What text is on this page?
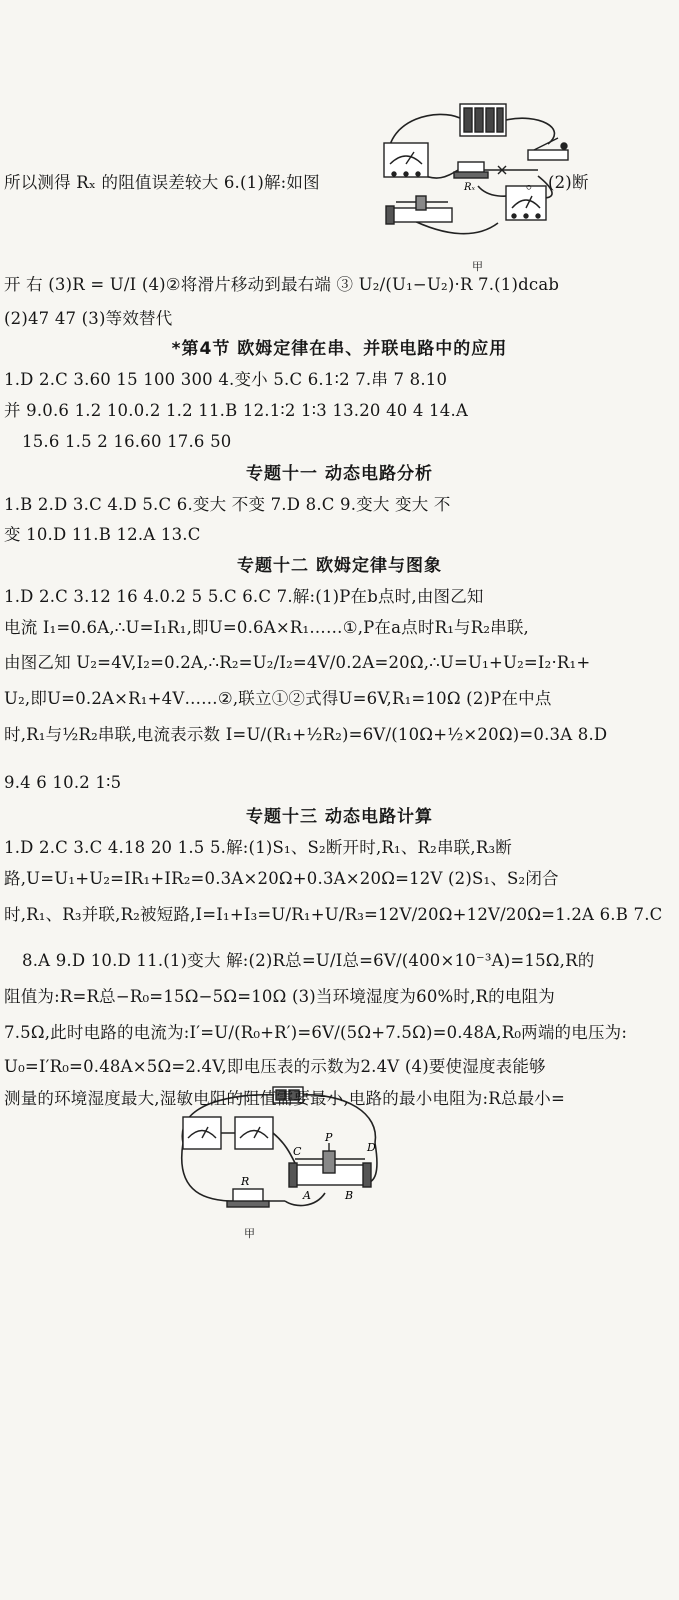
Rₓ
甲
C
P
D
A	B
R
甲
所以测得 Rₓ 的阻值误差较大 6.(1)解:如图	。 (2)断
开 右 (3)R = U/I (4)②将滑片移动到最右端 ③ U₂/(U₁−U₂)·R 7.(1)dcab
(2)47 47 (3)等效替代
*第4节 欧姆定律在串、并联电路中的应用
1.D 2.C 3.60 15 100 300 4.变小 5.C 6.1∶2 7.串 7 8.10
并 9.0.6 1.2 10.0.2 1.2 11.B 12.1∶2 1∶3 13.20 40 4 14.A
15.6 1.5 2 16.60 17.6 50
专题十一 动态电路分析
1.B 2.D 3.C 4.D 5.C 6.变大 不变 7.D 8.C 9.变大 变大 不
变 10.D 11.B 12.A 13.C
专题十二 欧姆定律与图象
1.D 2.C 3.12 16 4.0.2 5 5.C 6.C 7.解:(1)P在b点时,由图乙知
电流 I₁=0.6A,∴U=I₁R₁,即U=0.6A×R₁……①,P在a点时R₁与R₂串联,
由图乙知 U₂=4V,I₂=0.2A,∴R₂=U₂/I₂=4V/0.2A=20Ω,∴U=U₁+U₂=I₂·R₁+
U₂,即U=0.2A×R₁+4V……②,联立①②式得U=6V,R₁=10Ω (2)P在中点
时,R₁与½R₂串联,电流表示数 I=U/(R₁+½R₂)=6V/(10Ω+½×20Ω)=0.3A 8.D
9.4 6 10.2 1∶5
专题十三 动态电路计算
1.D 2.C 3.C 4.18 20 1.5 5.解:(1)S₁、S₂断开时,R₁、R₂串联,R₃断
路,U=U₁+U₂=IR₁+IR₂=0.3A×20Ω+0.3A×20Ω=12V (2)S₁、S₂闭合
时,R₁、R₃并联,R₂被短路,I=I₁+I₃=U/R₁+U/R₃=12V/20Ω+12V/20Ω=1.2A 6.B 7.C
8.A 9.D 10.D 11.(1)变大 解:(2)R总=U/I总=6V/(400×10⁻³A)=15Ω,R的
阻值为:R=R总−R₀=15Ω−5Ω=10Ω (3)当环境湿度为60%时,R的电阻为
7.5Ω,此时电路的电流为:I′=U/(R₀+R′)=6V/(5Ω+7.5Ω)=0.48A,R₀两端的电压为:
U₀=I′R₀=0.48A×5Ω=2.4V,即电压表的示数为2.4V (4)要使湿度表能够
测量的环境湿度最大,湿敏电阻的阻值需要最小,电路的最小电阻为:R总最小=
